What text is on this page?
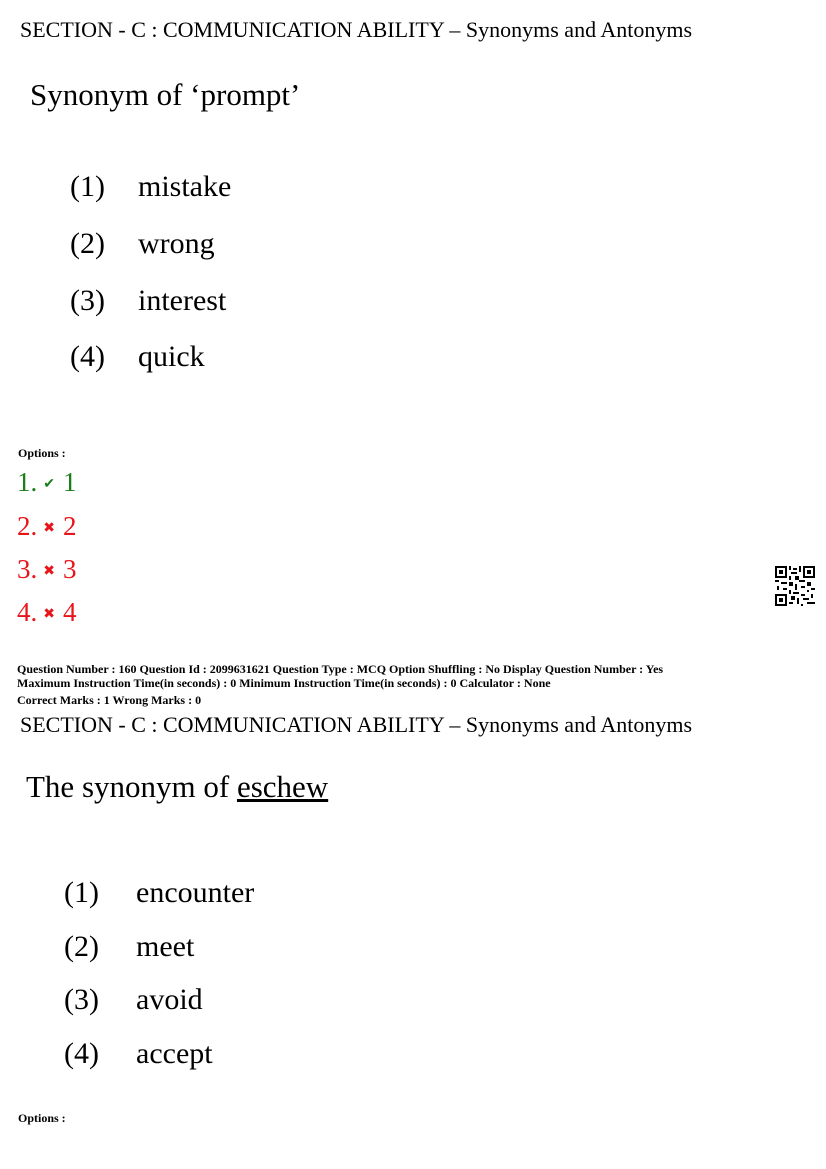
SECTION - C : COMMUNICATION ABILITY – Synonyms and Antonyms
Synonym of ‘prompt’
(1) mistake
(2) wrong
(3) interest
(4) quick
Options :
1. ✔ 1
2. ✖ 2
3. ✖ 3
4. ✖ 4
Question Number : 160 Question Id : 2099631621 Question Type : MCQ Option Shuffling : No Display Question Number : Yes
Maximum Instruction Time(in seconds) : 0 Minimum Instruction Time(in seconds) : 0 Calculator : None
Correct Marks : 1 Wrong Marks : 0
SECTION - C : COMMUNICATION ABILITY – Synonyms and Antonyms
The synonym of eschew
(1) encounter
(2) meet
(3) avoid
(4) accept
Options :
